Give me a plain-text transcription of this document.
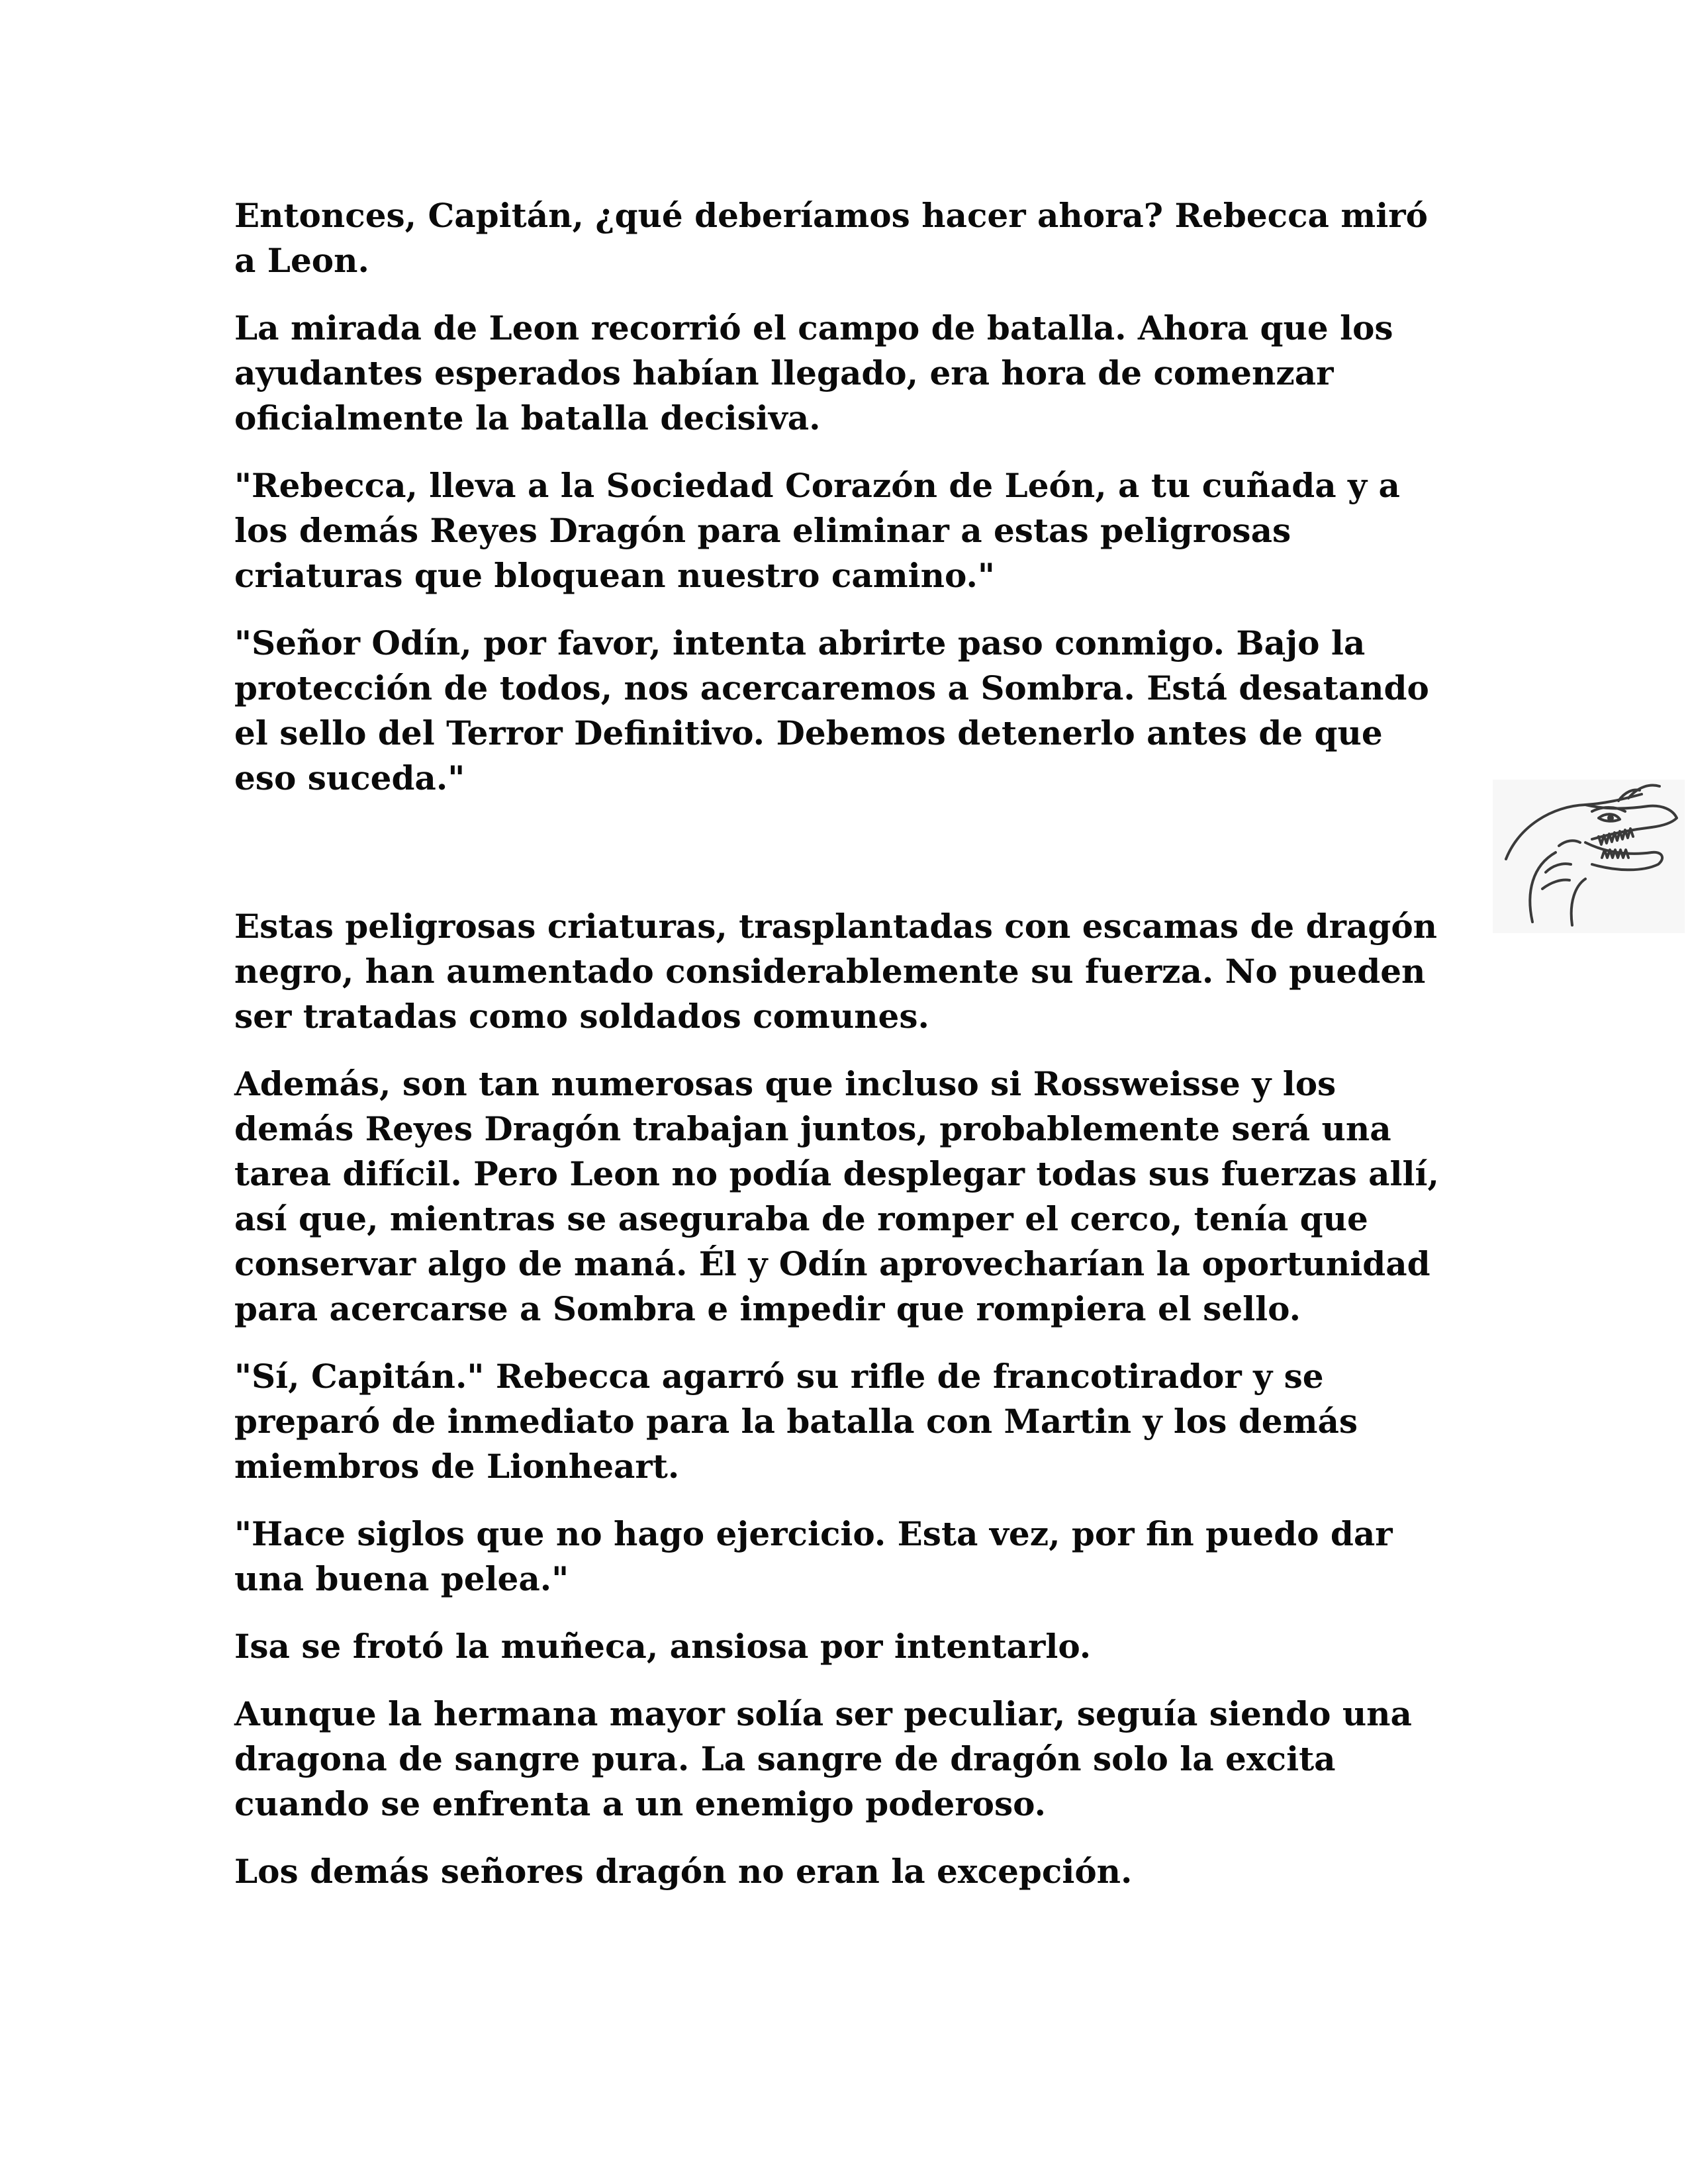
Entonces, Capitán, ¿qué deberíamos hacer ahora? Rebecca miró a Leon.

La mirada de Leon recorrió el campo de batalla. Ahora que los ayudantes esperados habían llegado, era hora de comenzar oficialmente la batalla decisiva.

"Rebecca, lleva a la Sociedad Corazón de León, a tu cuñada y a los demás Reyes Dragón para eliminar a estas peligrosas criaturas que bloquean nuestro camino."

"Señor Odín, por favor, intenta abrirte paso conmigo. Bajo la protección de todos, nos acercaremos a Sombra. Está desatando el sello del Terror Definitivo. Debemos detenerlo antes de que eso suceda."

Estas peligrosas criaturas, trasplantadas con escamas de dragón negro, han aumentado considerablemente su fuerza. No pueden ser tratadas como soldados comunes.

Además, son tan numerosas que incluso si Rossweisse y los demás Reyes Dragón trabajan juntos, probablemente será una tarea difícil. Pero Leon no podía desplegar todas sus fuerzas allí, así que, mientras se aseguraba de romper el cerco, tenía que conservar algo de maná. Él y Odín aprovecharían la oportunidad para acercarse a Sombra e impedir que rompiera el sello.

"Sí, Capitán." Rebecca agarró su rifle de francotirador y se preparó de inmediato para la batalla con Martin y los demás miembros de Lionheart.

"Hace siglos que no hago ejercicio. Esta vez, por fin puedo dar una buena pelea."

Isa se frotó la muñeca, ansiosa por intentarlo.

Aunque la hermana mayor solía ser peculiar, seguía siendo una dragona de sangre pura. La sangre de dragón solo la excita cuando se enfrenta a un enemigo poderoso.

Los demás señores dragón no eran la excepción.
